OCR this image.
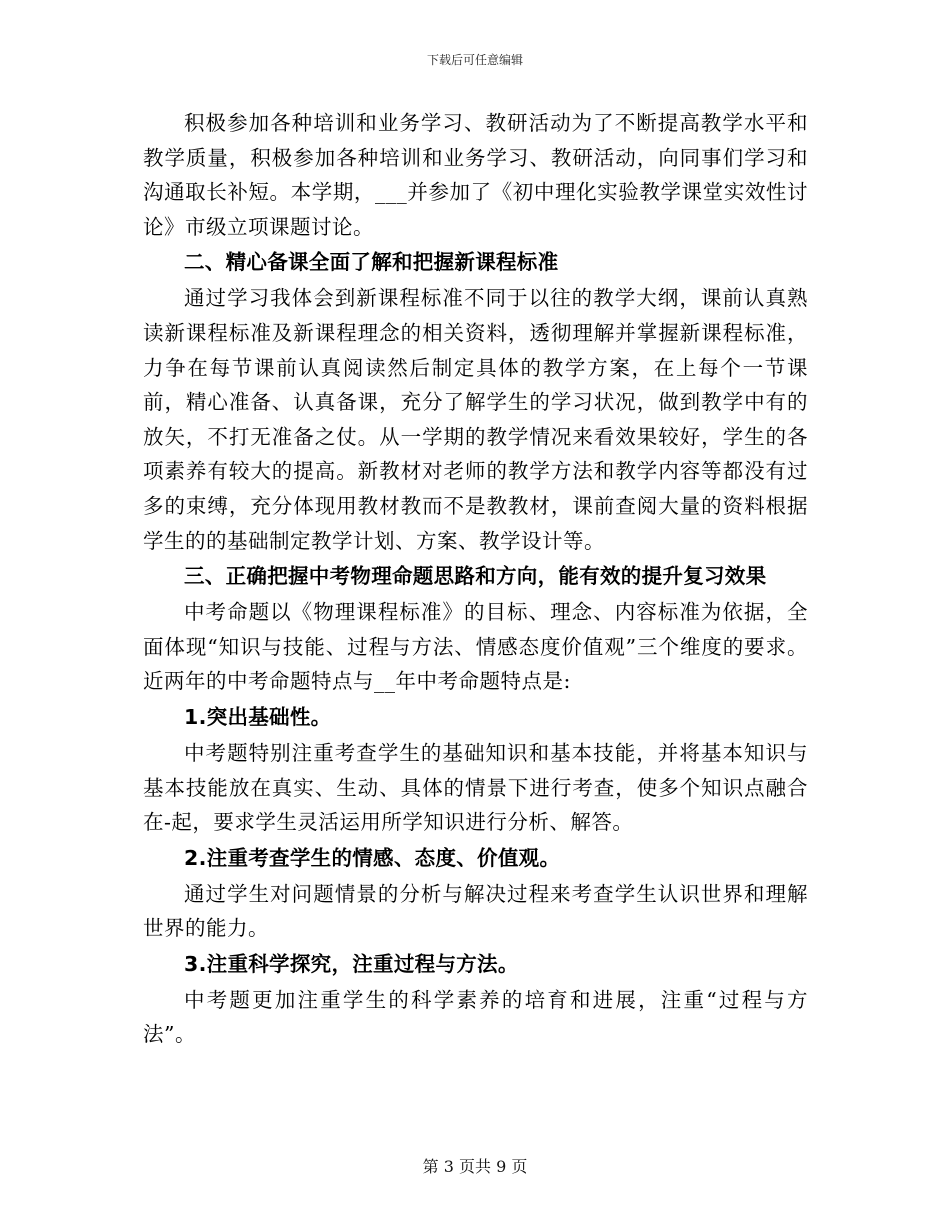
下载后可任意编辑

积极参加各种培训和业务学习、教研活动为了不断提高教学水平和教学质量，积极参加各种培训和业务学习、教研活动，向同事们学习和沟通取长补短。本学期，___并参加了《初中理化实验教学课堂实效性讨论》市级立项课题讨论。

二、精心备课全面了解和把握新课程标准

通过学习我体会到新课程标准不同于以往的教学大纲，课前认真熟读新课程标准及新课程理念的相关资料，透彻理解并掌握新课程标准，力争在每节课前认真阅读然后制定具体的教学方案，在上每个一节课前，精心准备、认真备课，充分了解学生的学习状况，做到教学中有的放矢，不打无准备之仗。从一学期的教学情况来看效果较好，学生的各项素养有较大的提高。新教材对老师的教学方法和教学内容等都没有过多的束缚，充分体现用教材教而不是教教材，课前查阅大量的资料根据学生的的基础制定教学计划、方案、教学设计等。

三、正确把握中考物理命题思路和方向，能有效的提升复习效果

中考命题以《物理课程标准》的目标、理念、内容标准为依据，全面体现“知识与技能、过程与方法、情感态度价值观”三个维度的要求。近两年的中考命题特点与__年中考命题特点是:

1.突出基础性。

中考题特别注重考查学生的基础知识和基本技能，并将基本知识与基本技能放在真实、生动、具体的情景下进行考查，使多个知识点融合在-起，要求学生灵活运用所学知识进行分析、解答。

2.注重考查学生的情感、态度、价值观。

通过学生对问题情景的分析与解决过程来考查学生认识世界和理解世界的能力。

3.注重科学探究，注重过程与方法。

中考题更加注重学生的科学素养的培育和进展，注重“过程与方法”。

第 3 页共 9 页
